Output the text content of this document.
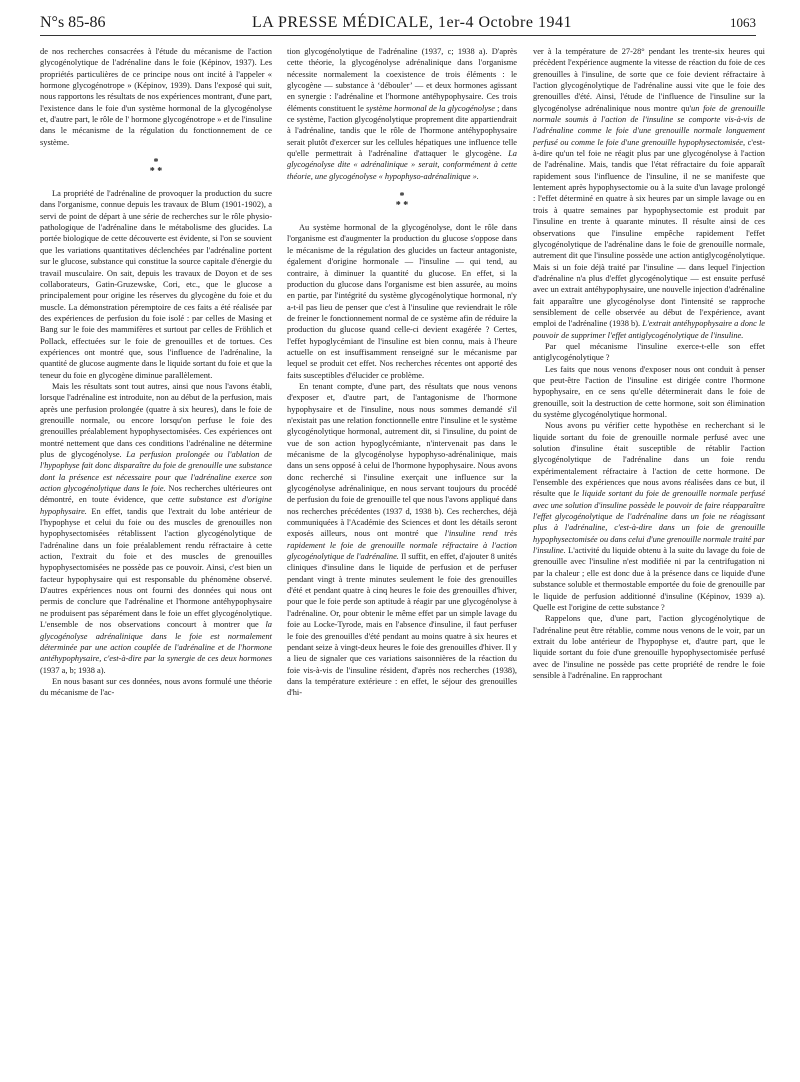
N°s 85-86	LA PRESSE MÉDICALE, 1er-4 Octobre 1941	1063

de nos recherches consacrées à l'étude du mécanisme de l'action glycogénolytique de l'adrénaline dans le foie (Képinov, 1937). Les propriétés particulières de ce principe nous ont incité à l'appeler « hormone glycogénotrope » (Képinov, 1939). Dans l'exposé qui suit, nous rapportons les résultats de nos expériences montrant, d'une part, l'existence dans le foie d'un système hormonal de la glycogénolyse et, d'autre part, le rôle de l' hormone glycogénotrope » et de l'insuline dans le mécanisme de la régulation du fonctionnement de ce système.

*
* *

La propriété de l'adrénaline de provoquer la production du sucre dans l'organisme, connue depuis les travaux de Blum (1901-1902), a servi de point de départ à une série de recherches sur le rôle physio-pathologique de l'adrénaline dans le métabolisme des glucides. La portée biologique de cette découverte est évidente, si l'on se souvient que les variations quantitatives déclenchées par l'adrénaline portent sur le glucose, substance qui constitue la source capitale d'énergie du travail musculaire. On sait, depuis les travaux de Doyon et de ses collaborateurs, Gatin-Gruzewske, Cori, etc., que le glucose a principalement pour origine les réserves du glycogène du foie et du muscle. La démonstration péremptoire de ces faits a été réalisée par des expériences de perfusion du foie isolé : par celles de Masing et Bang sur le foie des mammifères et surtout par celles de Fröhlich et Pollack, effectuées sur le foie de grenouilles et de tortues. Ces expériences ont montré que, sous l'influence de l'adrénaline, la quantité de glucose augmente dans le liquide sortant du foie et que la teneur du foie en glycogène diminue parallèlement.

Mais les résultats sont tout autres, ainsi que nous l'avons établi, lorsque l'adrénaline est introduite, non au début de la perfusion, mais après une perfusion prolongée (quatre à six heures), dans le foie de grenouille normale, ou encore lorsqu'on perfuse le foie des grenouilles préalablement hypophysectomisées. Ces expériences ont montré nettement que dans ces conditions l'adrénaline ne détermine plus de glycogénolyse. La perfusion prolongée ou l'ablation de l'hypophyse fait donc disparaître du foie de grenouille une substance dont la présence est nécessaire pour que l'adrénaline exerce son action glycogénolytique dans le foie. Nos recherches ultérieures ont démontré, en toute évidence, que cette substance est d'origine hypophysaire. En effet, tandis que l'extrait du lobe antérieur de l'hypophyse et celui du foie ou des muscles de grenouilles non hypophysectomisées rétablissent l'action glycogénolytique de l'adrénaline dans un foie préalablement rendu réfractaire à cette action, l'extrait du foie et des muscles de grenouilles hypophysectomisées ne possède pas ce pouvoir. Ainsi, c'est bien un facteur hypophysaire qui est responsable du phénomène observé. D'autres expériences nous ont fourni des données qui nous ont permis de conclure que l'adrénaline et l'hormone antéhypophysaire ne produisent pas séparément dans le foie un effet glycogénolytique. L'ensemble de nos observations concourt à montrer que la glycogénolyse adrénalinique dans le foie est normalement déterminée par une action couplée de l'adrénaline et de l'hormone antéhypophysaire, c'est-à-dire par la synergie de ces deux hormones (1937 a, b; 1938 a).

En nous basant sur ces données, nous avons formulé une théorie du mécanisme de l'ac-

tion glycogénolytique de l'adrénaline (1937, c; 1938 a). D'après cette théorie, la glycogénolyse adrénalinique dans l'organisme nécessite normalement la coexistence de trois éléments : le glycogène — substance à ‘débouler’ — et deux hormones agissant en synergie : l'adrénaline et l'hormone antéhypophysaire. Ces trois éléments constituent le système hormonal de la glycogénolyse ; dans ce système, l'action glycogénolytique proprement dite appartiendrait à l'adrénaline, tandis que le rôle de l'hormone antéhypophysaire serait plutôt d'exercer sur les cellules hépatiques une influence telle qu'elle permettrait à l'adrénaline d'attaquer le glycogène. La glycogénolyse dite « adrénalinique » serait, conformément à cette théorie, une glycogénolyse « hypophyso-adrénalinique ».

*
* *

Au système hormonal de la glycogénolyse, dont le rôle dans l'organisme est d'augmenter la production du glucose s'oppose dans le mécanisme de la régulation des glucides un facteur antagoniste, également d'origine hormonale — l'insuline — qui tend, au contraire, à diminuer la quantité du glucose. En effet, si la production du glucose dans l'organisme est bien assurée, au moins en partie, par l'intégrité du système glycogénolytique hormonal, n'y a-t-il pas lieu de penser que c'est à l'insuline que reviendrait le rôle de freiner le fonctionnement normal de ce système afin de réduire la production du glucose quand celle-ci devient exagérée ? Certes, l'effet hypoglycémiant de l'insuline est bien connu, mais à l'heure actuelle on est insuffisamment renseigné sur le mécanisme par lequel se produit cet effet. Nos recherches récentes ont apporté des faits susceptibles d'élucider ce problème.

En tenant compte, d'une part, des résultats que nous venons d'exposer et, d'autre part, de l'antagonisme de l'hormone hypophysaire et de l'insuline, nous nous sommes demandé s'il n'existait pas une relation fonctionnelle entre l'insuline et le système glycogénolytique hormonal, autrement dit, si l'insuline, du point de vue de son action hypoglycémiante, n'intervenait pas dans le mécanisme de la glycogénolyse hypophyso-adrénalinique, mais dans un sens opposé à celui de l'hormone hypophysaire. Nous avons donc recherché si l'insuline exerçait une influence sur la glycogénolyse adrénalinique, en nous servant toujours du procédé de perfusion du foie de grenouille tel que nous l'avons appliqué dans nos recherches précédentes (1937 d, 1938 b). Ces recherches, déjà communiquées à l'Académie des Sciences et dont les détails seront exposés ailleurs, nous ont montré que l'insuline rend très rapidement le foie de grenouille normale réfractaire à l'action glycogénolytique de l'adrénaline. Il suffit, en effet, d'ajouter 8 unités cliniques d'insuline dans le liquide de perfusion et de perfuser pendant vingt à trente minutes seulement le foie des grenouilles d'été et pendant quatre à cinq heures le foie des grenouilles d'hiver, pour que le foie perde son aptitude à réagir par une glycogénolyse à l'adrénaline. Or, pour obtenir le même effet par un simple lavage du foie au Locke-Tyrode, mais en l'absence d'insuline, il faut perfuser le foie des grenouilles d'été pendant au moins quatre à six heures et pendant seize à vingt-deux heures le foie des grenouilles d'hiver. Il y a lieu de signaler que ces variations saisonnières de la réaction du foie vis-à-vis de l'insuline résident, d'après nos recherches (1938), dans la température extérieure : en effet, le séjour des grenouilles d'hi-

ver à la température de 27-28° pendant les trente-six heures qui précèdent l'expérience augmente la vitesse de réaction du foie de ces grenouilles à l'insuline, de sorte que ce foie devient réfractaire à l'action glycogénolytique de l'adrénaline aussi vite que le foie des grenouilles d'été. Ainsi, l'étude de l'influence de l'insuline sur la glycogénolyse adrénalinique nous montre qu'un foie de grenouille normale soumis à l'action de l'insuline se comporte vis-à-vis de l'adrénaline comme le foie d'une grenouille normale longuement perfusé ou comme le foie d'une grenouille hypophysectomisée, c'est-à-dire qu'un tel foie ne réagit plus par une glycogénolyse à l'action de l'adrénaline. Mais, tandis que l'état réfractaire du foie apparaît rapidement sous l'influence de l'insuline, il ne se manifeste que lentement après hypophysectomie ou à la suite d'un lavage prolongé : l'effet déterminé en quatre à six heures par un simple lavage ou en trois à quatre semaines par hypophysectomie est produit par l'insuline en trente à quarante minutes. Il résulte ainsi de ces observations que l'insuline empêche rapidement l'effet glycogénolytique de l'adrénaline dans le foie de grenouille normale, autrement dit que l'insuline possède une action antiglycogénolytique. Mais si un foie déjà traité par l'insuline — dans lequel l'injection d'adrénaline n'a plus d'effet glycogénolytique — est ensuite perfusé avec un extrait antéhypophysaire, une nouvelle injection d'adrénaline fait apparaître une glycogénolyse dont l'intensité se rapproche sensiblement de celle observée au début de l'expérience, avant emploi de l'adrénaline (1938 b). L'extrait antéhypophysaire a donc le pouvoir de supprimer l'effet antiglycogénolytique de l'insuline.

Par quel mécanisme l'insuline exerce-t-elle son effet antiglycogénolytique ?

Les faits que nous venons d'exposer nous ont conduit à penser que peut-être l'action de l'insuline est dirigée contre l'hormone hypophysaire, en ce sens qu'elle déterminerait dans le foie de grenouille, soit la destruction de cette hormone, soit son élimination du système glycogénolytique hormonal.

Nous avons pu vérifier cette hypothèse en recherchant si le liquide sortant du foie de grenouille normale perfusé avec une solution d'insuline était susceptible de rétablir l'action glycogénolytique de l'adrénaline dans un foie rendu expérimentalement réfractaire à l'action de cette hormone. De l'ensemble des expériences que nous avons réalisées dans ce but, il résulte que le liquide sortant du foie de grenouille normale perfusé avec une solution d'insuline possède le pouvoir de faire réapparaître l'effet glycogénolytique de l'adrénaline dans un foie ne réagissant plus à l'adrénaline, c'est-à-dire dans un foie de grenouille hypophysectomisée ou dans celui d'une grenouille normale traité par l'insuline. L'activité du liquide obtenu à la suite du lavage du foie de grenouille avec l'insuline n'est modifiée ni par la centrifugation ni par la chaleur ; elle est donc due à la présence dans ce liquide d'une substance soluble et thermostable emportée du foie de grenouille par le liquide de perfusion additionné d'insuline (Képinov, 1939 a). Quelle est l'origine de cette substance ?

Rappelons que, d'une part, l'action glycogénolytique de l'adrénaline peut être rétablie, comme nous venons de le voir, par un extrait du lobe antérieur de l'hypophyse et, d'autre part, que le liquide sortant du foie d'une grenouille hypophysectomisée perfusé avec de l'insuline ne possède pas cette propriété de rendre le foie sensible à l'adrénaline. En rapprochant
